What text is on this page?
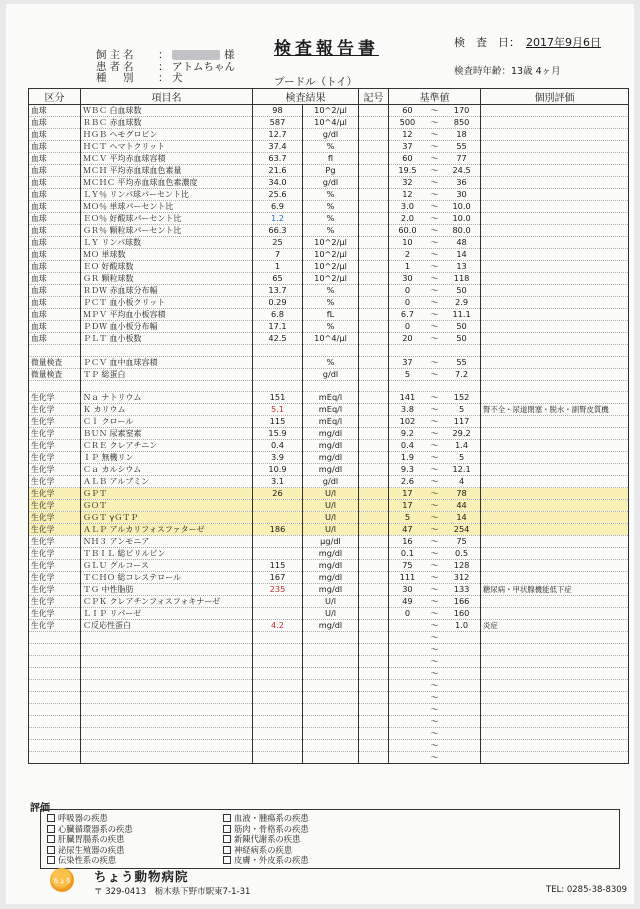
検査報告書	検　査　日： 2017年9月6日
飼主名	：	様
患者名	： アトムちゃん
種　別	： 犬	プードル（トイ）
検査時年齢：13歳 4ヶ月
区分	項目名	検査結果		記号	基準値	個別評価
血球	ＷＢＣ 白血球数	98	10^2/μl		60 ～ 170	

血球	ＲＢＣ 赤血球数	587	10^4/μl		500 ～ 850	

血球	ＨＧＢ ヘモグロビン	12.7	g/dl		12 ～ 18	

血球	ＨＣＴ ヘマトクリット	37.4	%		37 ～ 55	

血球	ＭＣＶ 平均赤血球容積	63.7	fl		60 ～ 77	

血球	ＭＣＨ 平均赤血球血色素量	21.6	Pg		19.5 ～ 24.5	

血球	ＭＣＨＣ 平均赤血球血色素濃度	34.0	g/dl		32 ～ 36	

血球	ＬＹ％ リンパ球パーセント比	25.6	%		12 ～ 30	

血球	ＭＯ％ 単球パーセント比	6.9	%		3.0 ～ 10.0	

血球	ＥＯ％ 好酸球パーセント比	1.2	%		2.0 ～ 10.0	

血球	ＧＲ％ 顆粒球パーセント比	66.3	%		60.0 ～ 80.0	

血球	ＬＹ リンパ球数	25	10^2/μl		10 ～ 48	

血球	ＭＯ 単球数	7	10^2/μl		2 ～ 14	

血球	ＥＯ 好酸球数	1	10^2/μl		1 ～ 13	

血球	ＧＲ 顆粒球数	65	10^2/μl		30 ～ 118	

血球	ＲＤＷ 赤血球分布幅	13.7	%		0 ～ 50	

血球	ＰＣＴ 血小板クリット	0.29	%		0 ～ 2.9	

血球	ＭＰＶ 平均血小板容積	6.8	fL		6.7 ～ 11.1	

血球	ＰＤＷ 血小板分布幅	17.1	%		0 ～ 50	

血球	ＰＬＴ 血小板数	42.5	10^4/μl		20 ～ 50	

微量検査	ＰＣＶ 血中血球容積		%		37 ～ 55	

微量検査	ＴＰ 総蛋白		g/dl		5 ～ 7.2	

生化学	Ｎａ ナトリウム	151	mEq/l		141 ～ 152	

生化学	Ｋ カリウム	5.1	mEq/l		3.8 ～ 5	腎不全・尿道閉塞・脱水・副腎皮質機
生化学	Ｃｌ クロール	115	mEq/l		102 ～ 117	

生化学	ＢＵＮ 尿素窒素	15.9	mg/dl		9.2 ～ 29.2	

生化学	ＣＲＥ クレアチニン	0.4	mg/dl		0.4 ～ 1.4	

生化学	ＩＰ 無機リン	3.9	mg/dl		1.9 ～ 5	

生化学	Ｃａ カルシウム	10.9	mg/dl		9.3 ～ 12.1	

生化学	ＡＬＢ アルブミン	3.1	g/dl		2.6 ～ 4	

生化学	ＧＰＴ	26	U/l		17 ～ 78	

生化学	ＧＯＴ		U/l		17 ～ 44	

生化学	ＧＧＴ γＧＴＰ		U/l		5 ～ 14	

生化学	ＡＬＰ アルカリフォスファターゼ	186	U/l		47 ～ 254	

生化学	ＮＨ３ アンモニア		μg/dl		16 ～ 75	

生化学	ＴＢＩＬ 総ビリルビン		mg/dl		0.1 ～ 0.5	

生化学	ＧＬＵ グルコース	115	mg/dl		75 ～ 128	

生化学	ＴＣＨＯ 総コレステロール	167	mg/dl		111 ～ 312	

生化学	ＴＧ 中性脂肪	235	mg/dl		30 ～ 133	糖尿病・甲状腺機能低下症
生化学	ＣＰＫ クレアチンフォスフォキナーゼ		U/l		49 ～ 166	

生化学	ＬＩＰ リパーゼ		U/l		0 ～ 160	

生化学	Ｃ反応性蛋白	4.2	mg/dl		～ 1.0	炎症

					～	

					～	

					～	

					～	

					～	

					～	

					～	

					～	

					～	

					～	

					～	

評価
呼吸器の疾患
心臓循環器系の疾患
肝臓胃腸系の疾患
泌尿生殖器の疾患
伝染性系の疾患
血液・腫瘍系の疾患
筋肉・骨格系の疾患
新陳代謝系の疾患
神経病系の疾患
皮膚・外皮系の疾患
ちょう ちょう動物病院
〒 329-0413　栃木県下野市駅東7-1-31	TEL: 0285-38-8309
